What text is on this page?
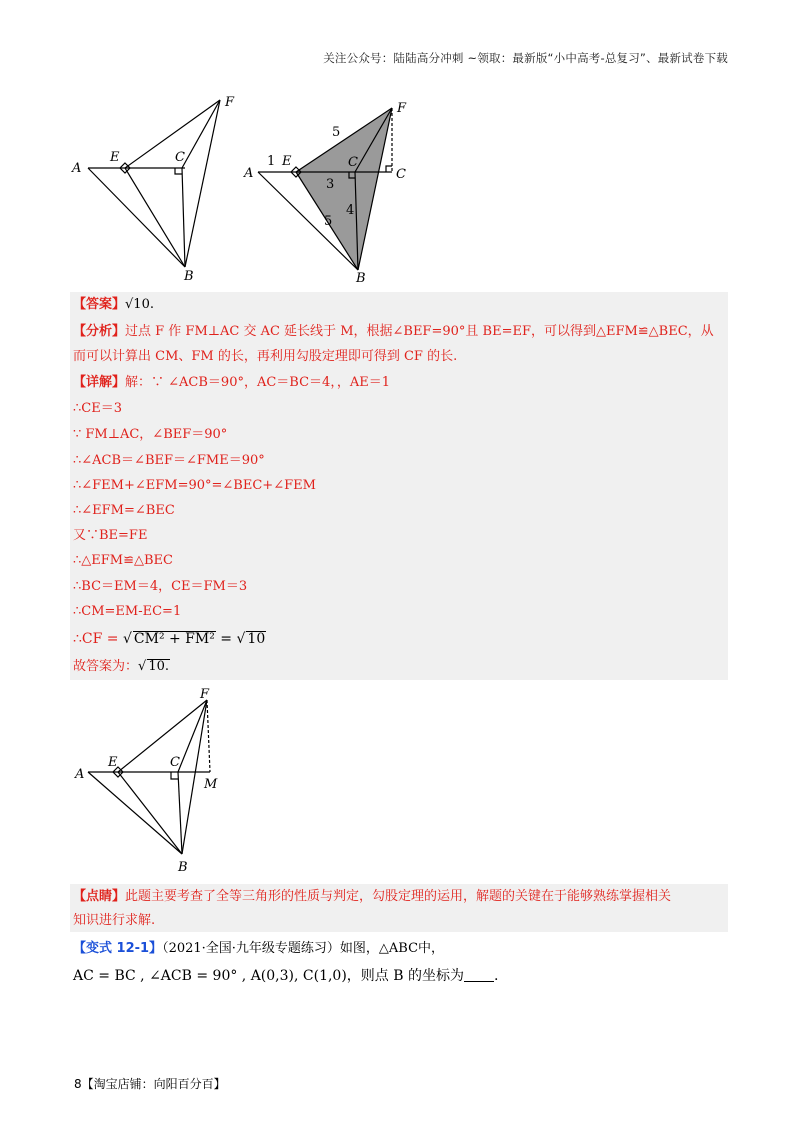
关注公众号：陆陆高分冲刺 ~领取：最新版“小中高考-总复习”、最新试卷下载
A
E	C
F
B
A
E	C
C
F
B
1
5
3
4
5
【答案】√10.
【分析】过点 F 作 FM⊥AC 交 AC 延长线于 M，根据∠BEF=90°且 BE=EF，可以得到△EFM≌△BEC，从
而可以计算出 CM、FM 的长，再利用勾股定理即可得到 CF 的长.
【详解】解：∵ ∠ACB＝90°，AC＝BC＝4，，AE＝1
∴CE＝3
∵ FM⊥AC，∠BEF＝90°
∴∠ACB＝∠BEF＝∠FME＝90°
∴∠FEM+∠EFM=90°=∠BEC+∠FEM
∴∠EFM=∠BEC
又∵BE=FE
∴△EFM≌△BEC
∴BC＝EM＝4，CE＝FM＝3
∴CM=EM-EC=1
∴CF = √ CM² + FM² = √ 10
故答案为：√ 10.
A
E	C
F
M
B
【点睛】此题主要考查了全等三角形的性质与判定，勾股定理的运用，解题的关键在于能够熟练掌握相关
知识进行求解.
【变式 12-1】（2021·全国·九年级专题练习）如图，△ABC中，
AC = BC , ∠ACB = 90° , A(0,3), C(1,0)，则点 B 的坐标为 .
8【淘宝店铺：向阳百分百】
